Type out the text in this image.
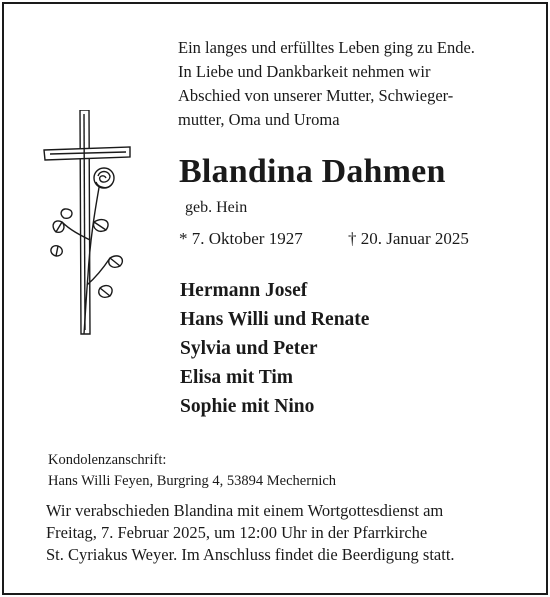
Ein langes und erfülltes Leben ging zu Ende.
In Liebe und Dankbarkeit nehmen wir
Abschied von unserer Mutter, Schwieger-
mutter, Oma und Uroma
Blandina Dahmen
geb. Hein
* 7. Oktober 1927	† 20. Januar 2025
Hermann Josef
Hans Willi und Renate
Sylvia und Peter
Elisa mit Tim
Sophie mit Nino
Kondolenzanschrift:
Hans Willi Feyen, Burgring 4, 53894 Mechernich
Wir verabschieden Blandina mit einem Wortgottesdienst am
Freitag, 7. Februar 2025, um 12:00 Uhr in der Pfarrkirche
St. Cyriakus Weyer. Im Anschluss findet die Beerdigung statt.
